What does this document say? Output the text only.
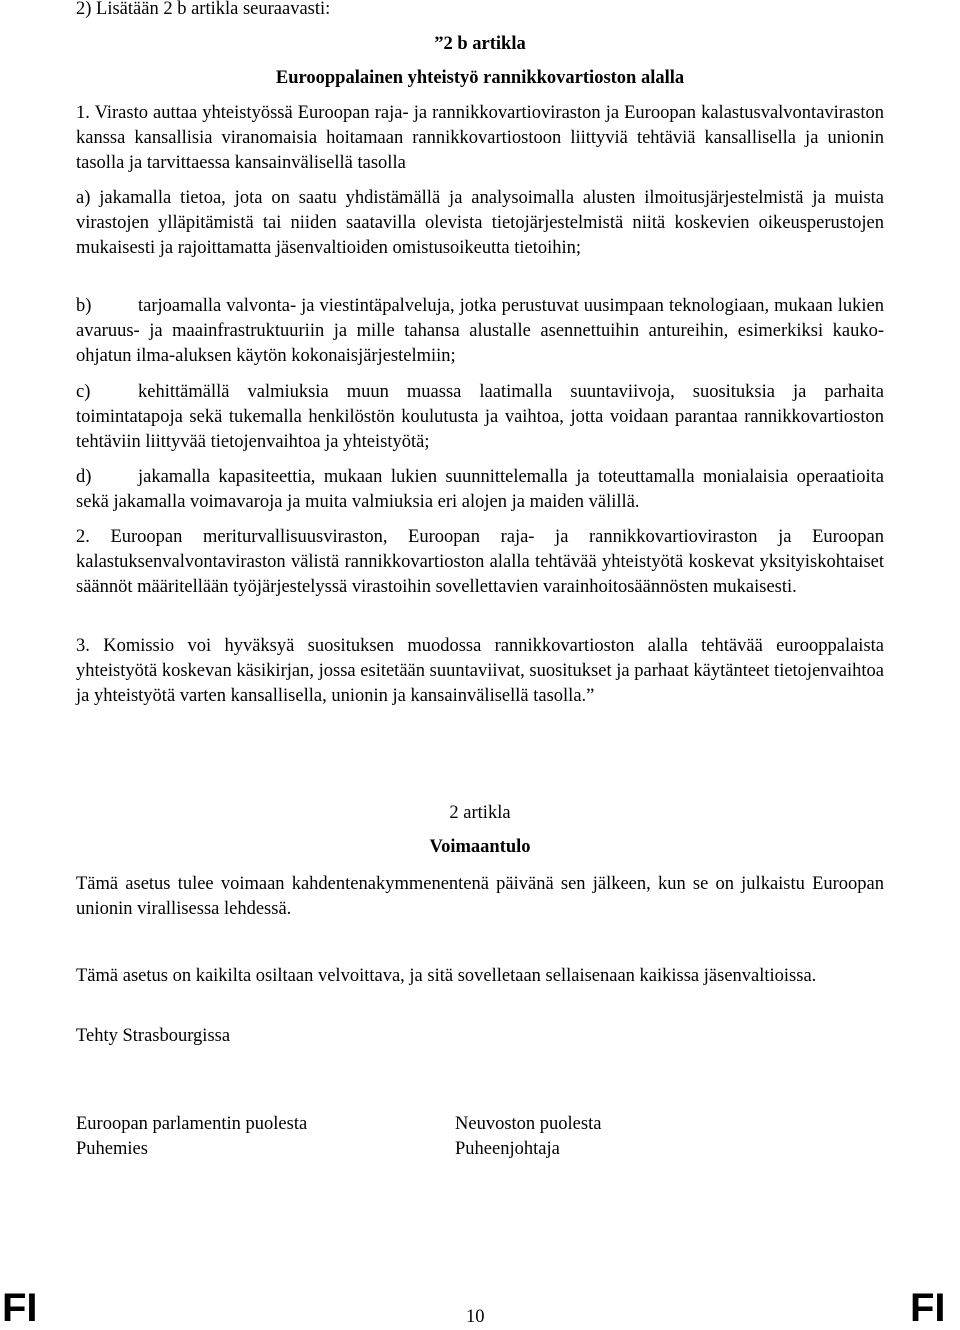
2) Lisätään 2 b artikla seuraavasti:

”2 b artikla

Eurooppalainen yhteistyö rannikkovartioston alalla

1. Virasto auttaa yhteistyössä Euroopan raja- ja rannikkovartioviraston ja Euroopan kalastusvalvontaviraston kanssa kansallisia viranomaisia hoitamaan rannikkovartiostoon liittyviä tehtäviä kansallisella ja unionin tasolla ja tarvittaessa kansainvälisellä tasolla

a) jakamalla tietoa, jota on saatu yhdistämällä ja analysoimalla alusten ilmoitusjärjestelmistä ja muista virastojen ylläpitämistä tai niiden saatavilla olevista tietojärjestelmistä niitä koskevien oikeusperustojen mukaisesti ja rajoittamatta jäsenvaltioiden omistusoikeutta tietoihin;

b)	tarjoamalla valvonta- ja viestintäpalveluja, jotka perustuvat uusimpaan teknologiaan, mukaan lukien avaruus- ja maainfrastruktuuriin ja mille tahansa alustalle asennettuihin antureihin, esimerkiksi kauko-ohjatun ilma-aluksen käytön kokonaisjärjestelmiin;

c)	kehittämällä valmiuksia muun muassa laatimalla suuntaviivoja, suosituksia ja parhaita toimintatapoja sekä tukemalla henkilöstön koulutusta ja vaihtoa, jotta voidaan parantaa rannikkovartioston tehtäviin liittyvää tietojenvaihtoa ja yhteistyötä;

d)	jakamalla kapasiteettia, mukaan lukien suunnittelemalla ja toteuttamalla monialaisia operaatioita sekä jakamalla voimavaroja ja muita valmiuksia eri alojen ja maiden välillä.

2. Euroopan meriturvallisuusviraston, Euroopan raja- ja rannikkovartioviraston ja Euroopan kalastuksenvalvontaviraston välistä rannikkovartioston alalla tehtävää yhteistyötä koskevat yksityiskohtaiset säännöt määritellään työjärjestelyssä virastoihin sovellettavien varainhoitosäännösten mukaisesti.

3. Komissio voi hyväksyä suosituksen muodossa rannikkovartioston alalla tehtävää eurooppalaista yhteistyötä koskevan käsikirjan, jossa esitetään suuntaviivat, suositukset ja parhaat käytänteet tietojenvaihtoa ja yhteistyötä varten kansallisella, unionin ja kansainvälisellä tasolla.”

2 artikla

Voimaantulo

Tämä asetus tulee voimaan kahdentenakymmenentenä päivänä sen jälkeen, kun se on julkaistu Euroopan unionin virallisessa lehdessä.

Tämä asetus on kaikilta osiltaan velvoittava, ja sitä sovelletaan sellaisenaan kaikissa jäsenvaltioissa.

Tehty Strasbourgissa

Euroopan parlamentin puolesta

Puhemies

Neuvoston puolesta

Puheenjohtaja

FI	10	FI
